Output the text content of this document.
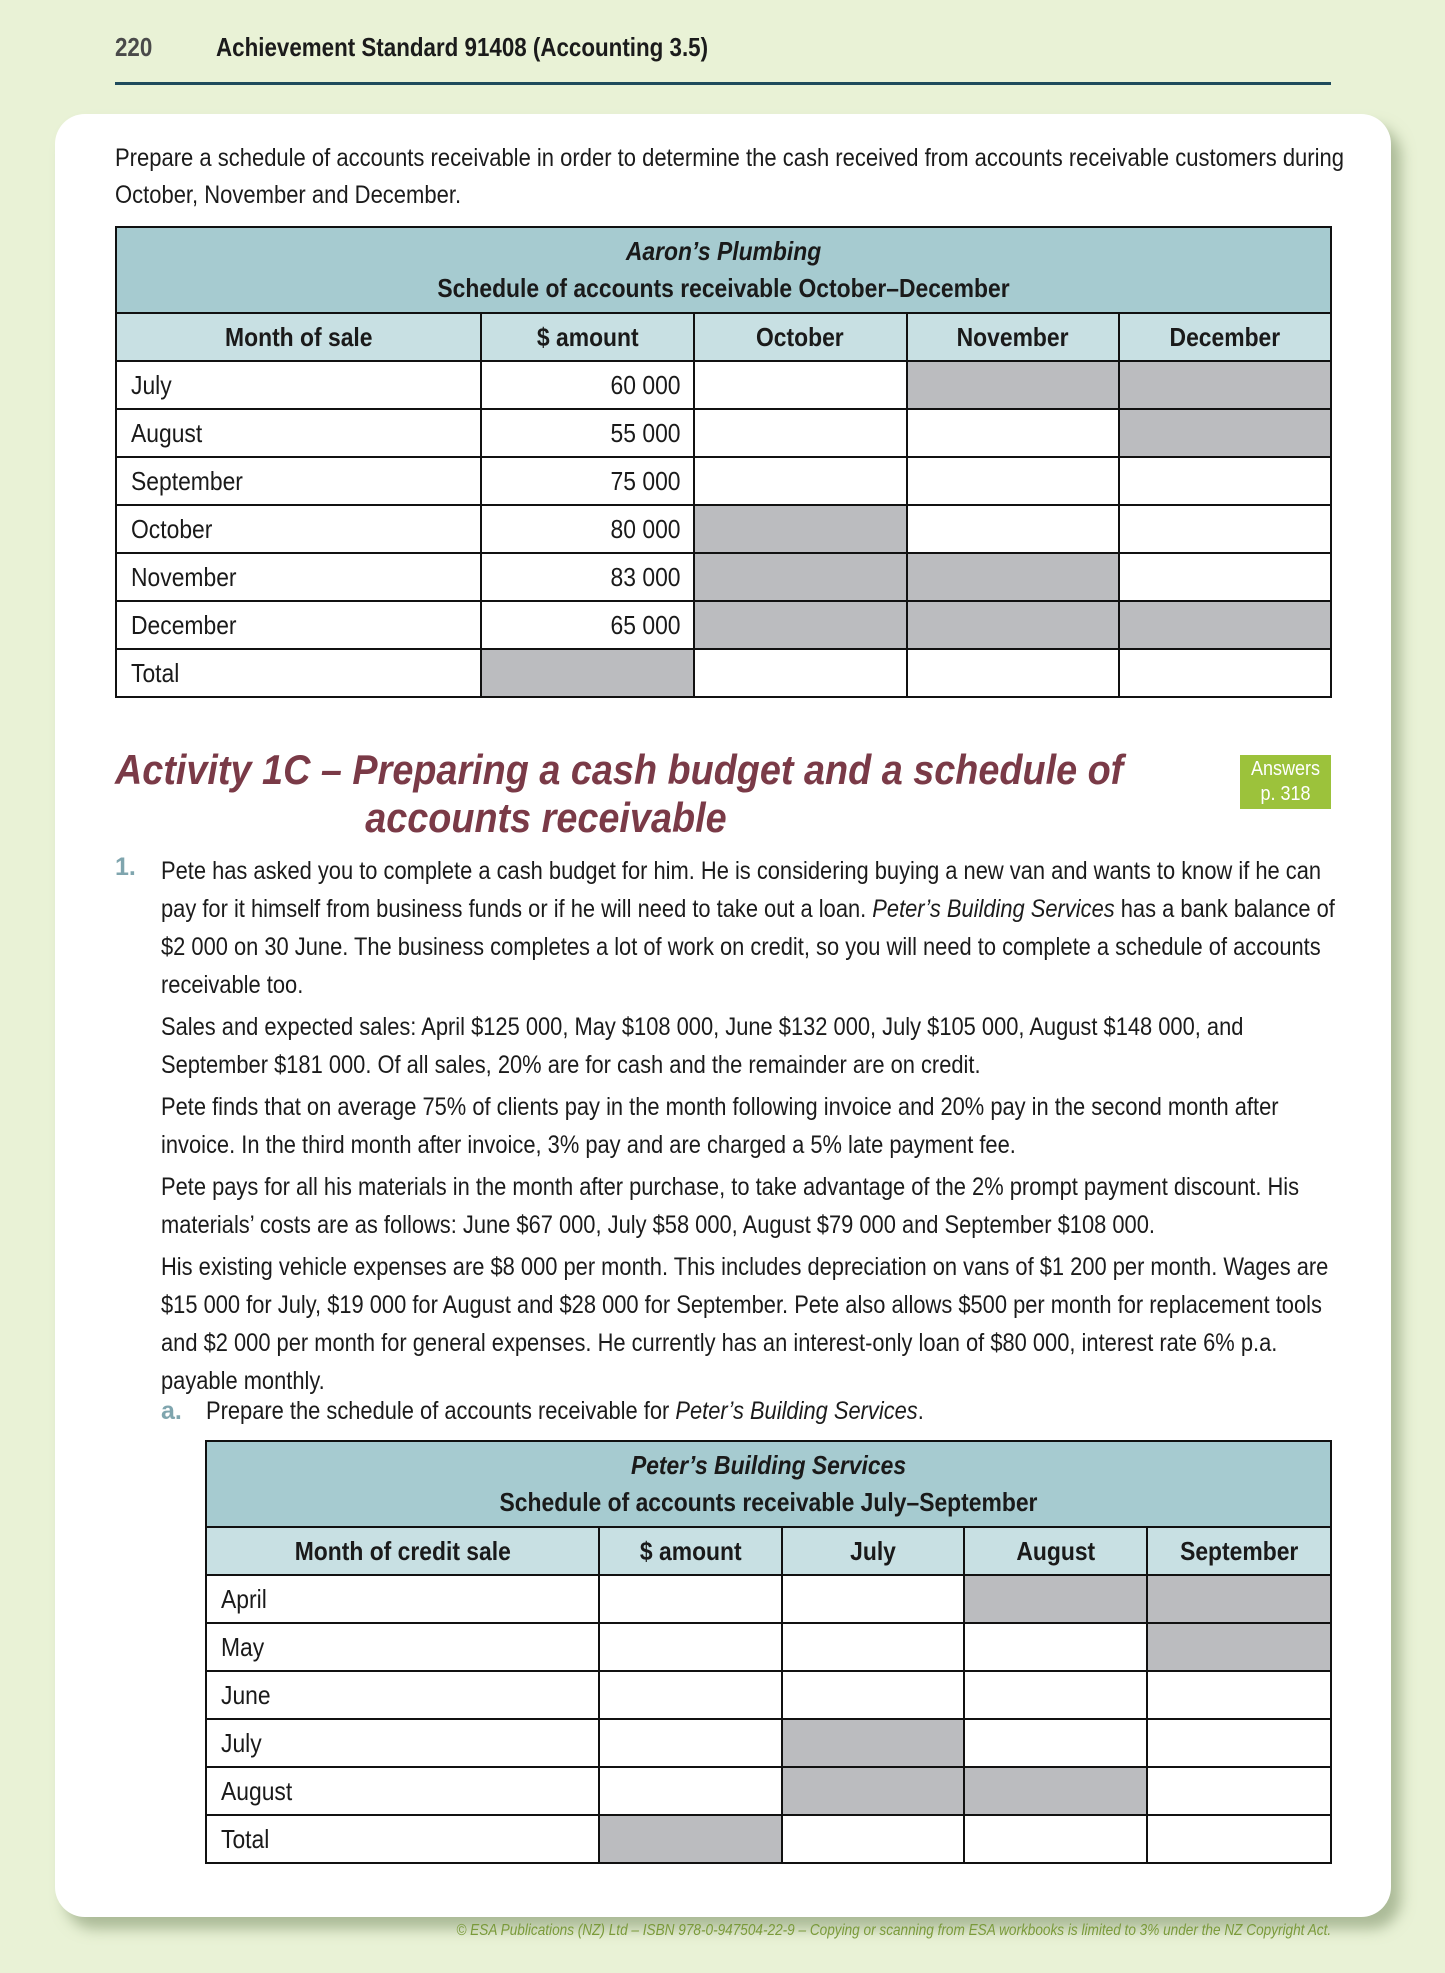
220 Achievement Standard 91408 (Accounting 3.5)
Prepare a schedule of accounts receivable in order to determine the cash received from accounts receivable customers during October, November and December.
Aaron’s Plumbing
Schedule of accounts receivable October–December				

Month of sale	$ amount	October	November	December
July	60 000			
August	55 000			
September	75 000			
October	80 000			
November	83 000			
December	65 000			
Total				
Activity 1C – Preparing a cash budget and a schedule of
accounts receivable
Answers
p. 318
1. Pete has asked you to complete a cash budget for him. He is considering buying a new van and wants to know if he can pay for it himself from business funds or if he will need to take out a loan. Peter’s Building Services has a bank balance of $2 000 on 30 June. The business completes a lot of work on credit, so you will need to complete a schedule of accounts receivable too.

Sales and expected sales: April $125 000, May $108 000, June $132 000, July $105 000, August $148 000, and September $181 000. Of all sales, 20% are for cash and the remainder are on credit.

Pete finds that on average 75% of clients pay in the month following invoice and 20% pay in the second month after invoice. In the third month after invoice, 3% pay and are charged a 5% late payment fee.

Pete pays for all his materials in the month after purchase, to take advantage of the 2% prompt payment discount. His materials’ costs are as follows: June $67 000, July $58 000, August $79 000 and September $108 000.

His existing vehicle expenses are $8 000 per month. This includes depreciation on vans of $1 200 per month. Wages are $15 000 for July, $19 000 for August and $28 000 for September. Pete also allows $500 per month for replacement tools and $2 000 per month for general expenses. He currently has an interest-only loan of $80 000, interest rate 6% p.a. payable monthly.

a. Prepare the schedule of accounts receivable for Peter’s Building Services.
Peter’s Building Services
Schedule of accounts receivable July–September				

Month of credit sale	$ amount	July	August	September
April				
May				
June				
July				
August				
Total				
© ESA Publications (NZ) Ltd – ISBN 978-0-947504-22-9 – Copying or scanning from ESA workbooks is limited to 3% under the NZ Copyright Act.
